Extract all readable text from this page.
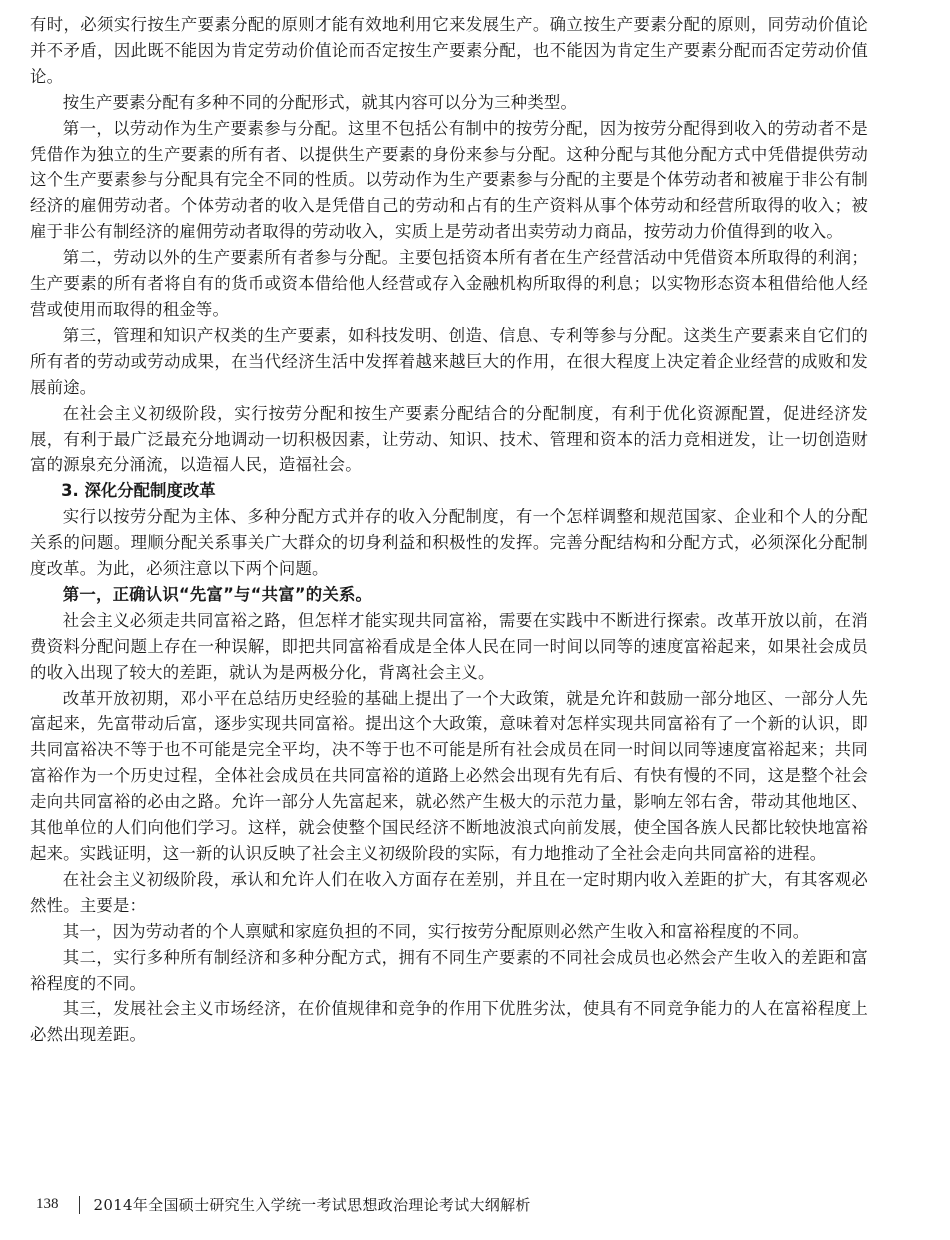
有时，必须实行按生产要素分配的原则才能有效地利用它来发展生产。确立按生产要素分配的原则，同劳动价值论并不矛盾，因此既不能因为肯定劳动价值论而否定按生产要素分配，也不能因为肯定生产要素分配而否定劳动价值论。

按生产要素分配有多种不同的分配形式，就其内容可以分为三种类型。

第一，以劳动作为生产要素参与分配。这里不包括公有制中的按劳分配，因为按劳分配得到收入的劳动者不是凭借作为独立的生产要素的所有者、以提供生产要素的身份来参与分配。这种分配与其他分配方式中凭借提供劳动这个生产要素参与分配具有完全不同的性质。以劳动作为生产要素参与分配的主要是个体劳动者和被雇于非公有制经济的雇佣劳动者。个体劳动者的收入是凭借自己的劳动和占有的生产资料从事个体劳动和经营所取得的收入；被雇于非公有制经济的雇佣劳动者取得的劳动收入，实质上是劳动者出卖劳动力商品，按劳动力价值得到的收入。

第二，劳动以外的生产要素所有者参与分配。主要包括资本所有者在生产经营活动中凭借资本所取得的利润；生产要素的所有者将自有的货币或资本借给他人经营或存入金融机构所取得的利息；以实物形态资本租借给他人经营或使用而取得的租金等。

第三，管理和知识产权类的生产要素，如科技发明、创造、信息、专利等参与分配。这类生产要素来自它们的所有者的劳动或劳动成果，在当代经济生活中发挥着越来越巨大的作用，在很大程度上决定着企业经营的成败和发展前途。

在社会主义初级阶段，实行按劳分配和按生产要素分配结合的分配制度，有利于优化资源配置，促进经济发展，有利于最广泛最充分地调动一切积极因素，让劳动、知识、技术、管理和资本的活力竞相迸发，让一切创造财富的源泉充分涌流，以造福人民，造福社会。

3. 深化分配制度改革

实行以按劳分配为主体、多种分配方式并存的收入分配制度，有一个怎样调整和规范国家、企业和个人的分配关系的问题。理顺分配关系事关广大群众的切身利益和积极性的发挥。完善分配结构和分配方式，必须深化分配制度改革。为此，必须注意以下两个问题。

第一，正确认识“先富”与“共富”的关系。

社会主义必须走共同富裕之路，但怎样才能实现共同富裕，需要在实践中不断进行探索。改革开放以前，在消费资料分配问题上存在一种误解，即把共同富裕看成是全体人民在同一时间以同等的速度富裕起来，如果社会成员的收入出现了较大的差距，就认为是两极分化，背离社会主义。

改革开放初期，邓小平在总结历史经验的基础上提出了一个大政策，就是允许和鼓励一部分地区、一部分人先富起来，先富带动后富，逐步实现共同富裕。提出这个大政策，意味着对怎样实现共同富裕有了一个新的认识，即共同富裕决不等于也不可能是完全平均，决不等于也不可能是所有社会成员在同一时间以同等速度富裕起来；共同富裕作为一个历史过程，全体社会成员在共同富裕的道路上必然会出现有先有后、有快有慢的不同，这是整个社会走向共同富裕的必由之路。允许一部分人先富起来，就必然产生极大的示范力量，影响左邻右舍，带动其他地区、其他单位的人们向他们学习。这样，就会使整个国民经济不断地波浪式向前发展，使全国各族人民都比较快地富裕起来。实践证明，这一新的认识反映了社会主义初级阶段的实际，有力地推动了全社会走向共同富裕的进程。

在社会主义初级阶段，承认和允许人们在收入方面存在差别，并且在一定时期内收入差距的扩大，有其客观必然性。主要是：

其一，因为劳动者的个人禀赋和家庭负担的不同，实行按劳分配原则必然产生收入和富裕程度的不同。

其二，实行多种所有制经济和多种分配方式，拥有不同生产要素的不同社会成员也必然会产生收入的差距和富裕程度的不同。

其三，发展社会主义市场经济，在价值规律和竞争的作用下优胜劣汰，使具有不同竞争能力的人在富裕程度上必然出现差距。

138 2014年全国硕士研究生入学统一考试思想政治理论考试大纲解析
